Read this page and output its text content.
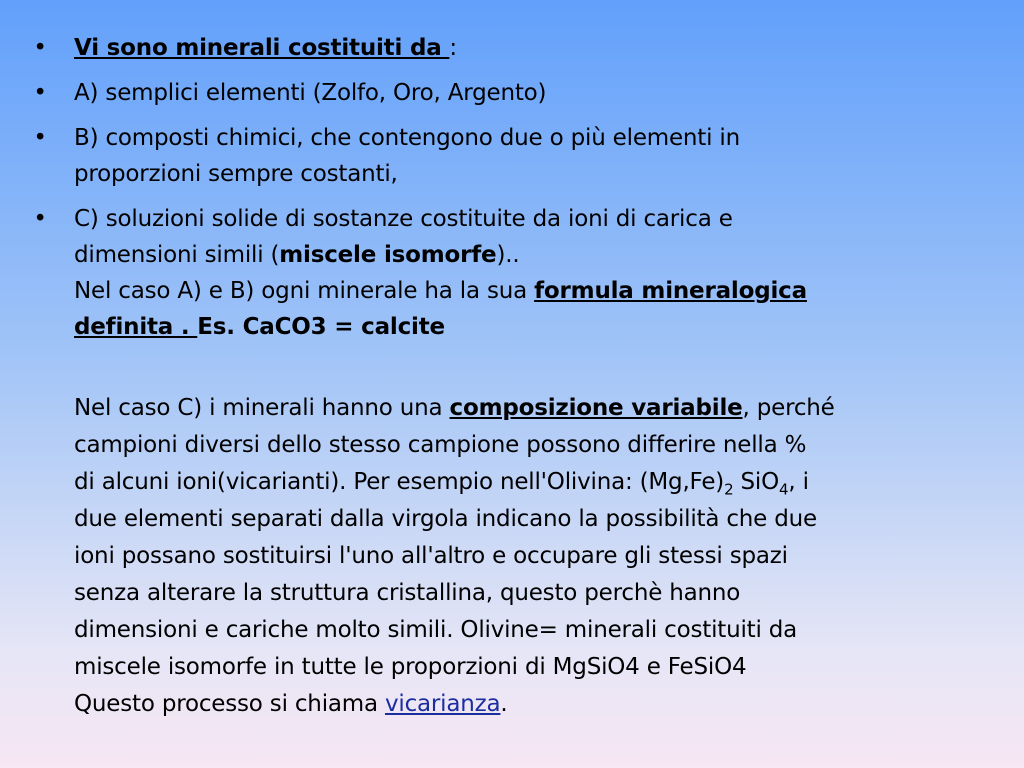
• Vi sono minerali costituiti da :
• A) semplici elementi (Zolfo, Oro, Argento)
• B) composti chimici, che contengono due o più elementi in
proporzioni sempre costanti,
• C) soluzioni solide di sostanze costituite da ioni di carica e
dimensioni simili (miscele isomorfe)..
Nel caso A) e B) ogni minerale ha la sua formula mineralogica
definita . Es. CaCO3 = calcite
Nel caso C) i minerali hanno una composizione variabile, perché
campioni diversi dello stesso campione possono differire nella %
di alcuni ioni(vicarianti). Per esempio nell'Olivina: $(Mg,Fe)_2$ SiO$_4$, i
due elementi separati dalla virgola indicano la possibilità che due
ioni possano sostituirsi l'uno all'altro e occupare gli stessi spazi
senza alterare la struttura cristallina, questo perchè hanno
dimensioni e cariche molto simili. Olivine= minerali costituiti da
miscele isomorfe in tutte le proporzioni di MgSiO4 e FeSiO4
Questo processo si chiama vicarianza.
